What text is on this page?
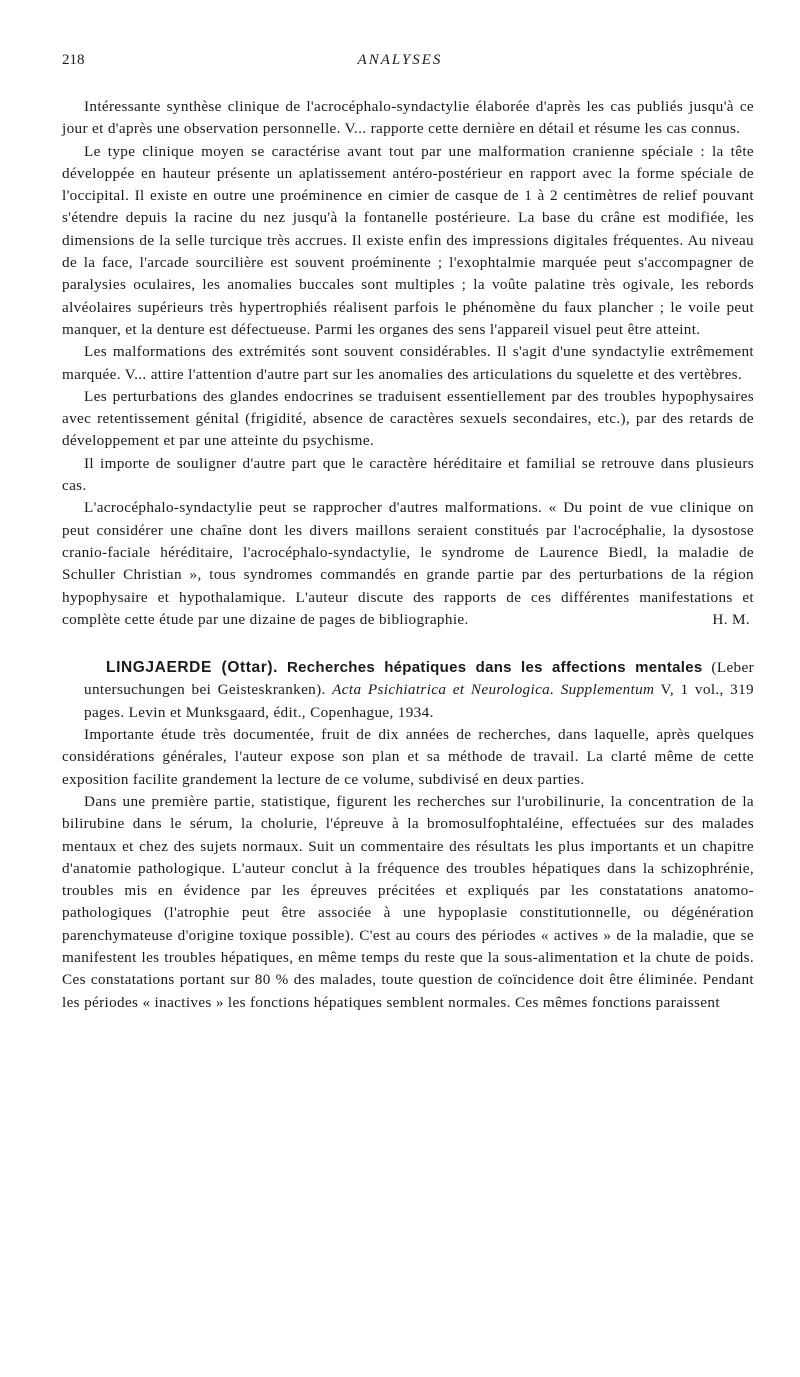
218	ANALYSES

Intéressante synthèse clinique de l'acrocéphalo-syndactylie élaborée d'après les cas publiés jusqu'à ce jour et d'après une observation personnelle. V... rapporte cette dernière en détail et résume les cas connus.

Le type clinique moyen se caractérise avant tout par une malformation cranienne spéciale : la tête développée en hauteur présente un aplatissement antéro-postérieur en rapport avec la forme spéciale de l'occipital. Il existe en outre une proéminence en cimier de casque de 1 à 2 centimètres de relief pouvant s'étendre depuis la racine du nez jusqu'à la fontanelle postérieure. La base du crâne est modifiée, les dimensions de la selle turcique très accrues. Il existe enfin des impressions digitales fréquentes. Au niveau de la face, l'arcade sourcilière est souvent proéminente ; l'exophtalmie marquée peut s'accompagner de paralysies oculaires, les anomalies buccales sont multiples ; la voûte palatine très ogivale, les rebords alvéolaires supérieurs très hypertrophiés réalisent parfois le phénomène du faux plancher ; le voile peut manquer, et la denture est défectueuse. Parmi les organes des sens l'appareil visuel peut être atteint.

Les malformations des extrémités sont souvent considérables. Il s'agit d'une syndactylie extrêmement marquée. V... attire l'attention d'autre part sur les anomalies des articulations du squelette et des vertèbres.

Les perturbations des glandes endocrines se traduisent essentiellement par des troubles hypophysaires avec retentissement génital (frigidité, absence de caractères sexuels secondaires, etc.), par des retards de développement et par une atteinte du psychisme.

Il importe de souligner d'autre part que le caractère héréditaire et familial se retrouve dans plusieurs cas.

L'acrocéphalo-syndactylie peut se rapprocher d'autres malformations. « Du point de vue clinique on peut considérer une chaîne dont les divers maillons seraient constitués par l'acrocéphalie, la dysostose cranio-faciale héréditaire, l'acrocéphalo-syndactylie, le syndrome de Laurence Biedl, la maladie de Schuller Christian », tous syndromes commandés en grande partie par des perturbations de la région hypophysaire et hypothalamique. L'auteur discute des rapports de ces différentes manifestations et complète cette étude par une dizaine de pages de bibliographie.	H. M.

LINGJAERDE (Ottar). Recherches hépatiques dans les affections mentales (Leber untersuchungen bei Geisteskranken). Acta Psichiatrica et Neurologica. Supplementum V, 1 vol., 319 pages. Levin et Munksgaard, édit., Copenhague, 1934.

Importante étude très documentée, fruit de dix années de recherches, dans laquelle, après quelques considérations générales, l'auteur expose son plan et sa méthode de travail. La clarté même de cette exposition facilite grandement la lecture de ce volume, subdivisé en deux parties.

Dans une première partie, statistique, figurent les recherches sur l'urobilinurie, la concentration de la bilirubine dans le sérum, la cholurie, l'épreuve à la bromosulfophtaléine, effectuées sur des malades mentaux et chez des sujets normaux. Suit un commentaire des résultats les plus importants et un chapitre d'anatomie pathologique. L'auteur conclut à la fréquence des troubles hépatiques dans la schizophrénie, troubles mis en évidence par les épreuves précitées et expliqués par les constatations anatomo-pathologiques (l'atrophie peut être associée à une hypoplasie constitutionnelle, ou dégénération parenchymateuse d'origine toxique possible). C'est au cours des périodes « actives » de la maladie, que se manifestent les troubles hépatiques, en même temps du reste que la sous-alimentation et la chute de poids. Ces constatations portant sur 80 % des malades, toute question de coïncidence doit être éliminée. Pendant les périodes « inactives » les fonctions hépatiques semblent normales. Ces mêmes fonctions paraissent
